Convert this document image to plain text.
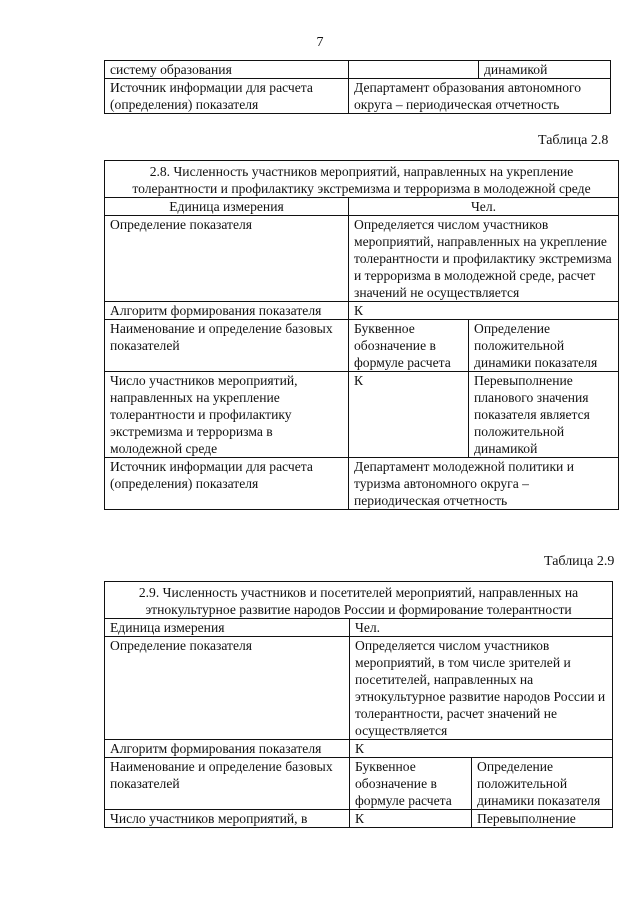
7
систему образования		динамикой
Источник информации для расчета (определения) показателя	Департамент образования автономного округа – периодическая отчетность	
Таблица 2.8
2.8. Численность участников мероприятий, направленных на укрепление толерантности и профилактику экстремизма и терроризма в молодежной среде		
Единица измерения	Чел.	
Определение показателя	Определяется числом участников мероприятий, направленных на укрепление толерантности и профилактику экстремизма и терроризма в молодежной среде, расчет значений не осуществляется	
Алгоритм формирования показателя	К	
Наименование и определение базовых показателей	Буквенное обозначение в формуле расчета	Определение положительной динамики показателя
Число участников мероприятий, направленных на укрепление толерантности и профилактику экстремизма и терроризма в молодежной среде	К	Перевыполнение планового значения показателя является положительной динамикой
Источник информации для расчета (определения) показателя	Департамент молодежной политики и туризма автономного округа – периодическая отчетность	
Таблица 2.9
2.9. Численность участников и посетителей мероприятий, направленных на этнокультурное развитие народов России и формирование толерантности		
Единица измерения	Чел.	
Определение показателя	Определяется числом участников мероприятий, в том числе зрителей и посетителей, направленных на этнокультурное развитие народов России и толерантности, расчет значений не осуществляется	
Алгоритм формирования показателя	К	
Наименование и определение базовых показателей	Буквенное обозначение в формуле расчета	Определение положительной динамики показателя
Число участников мероприятий, в	К	Перевыполнение
